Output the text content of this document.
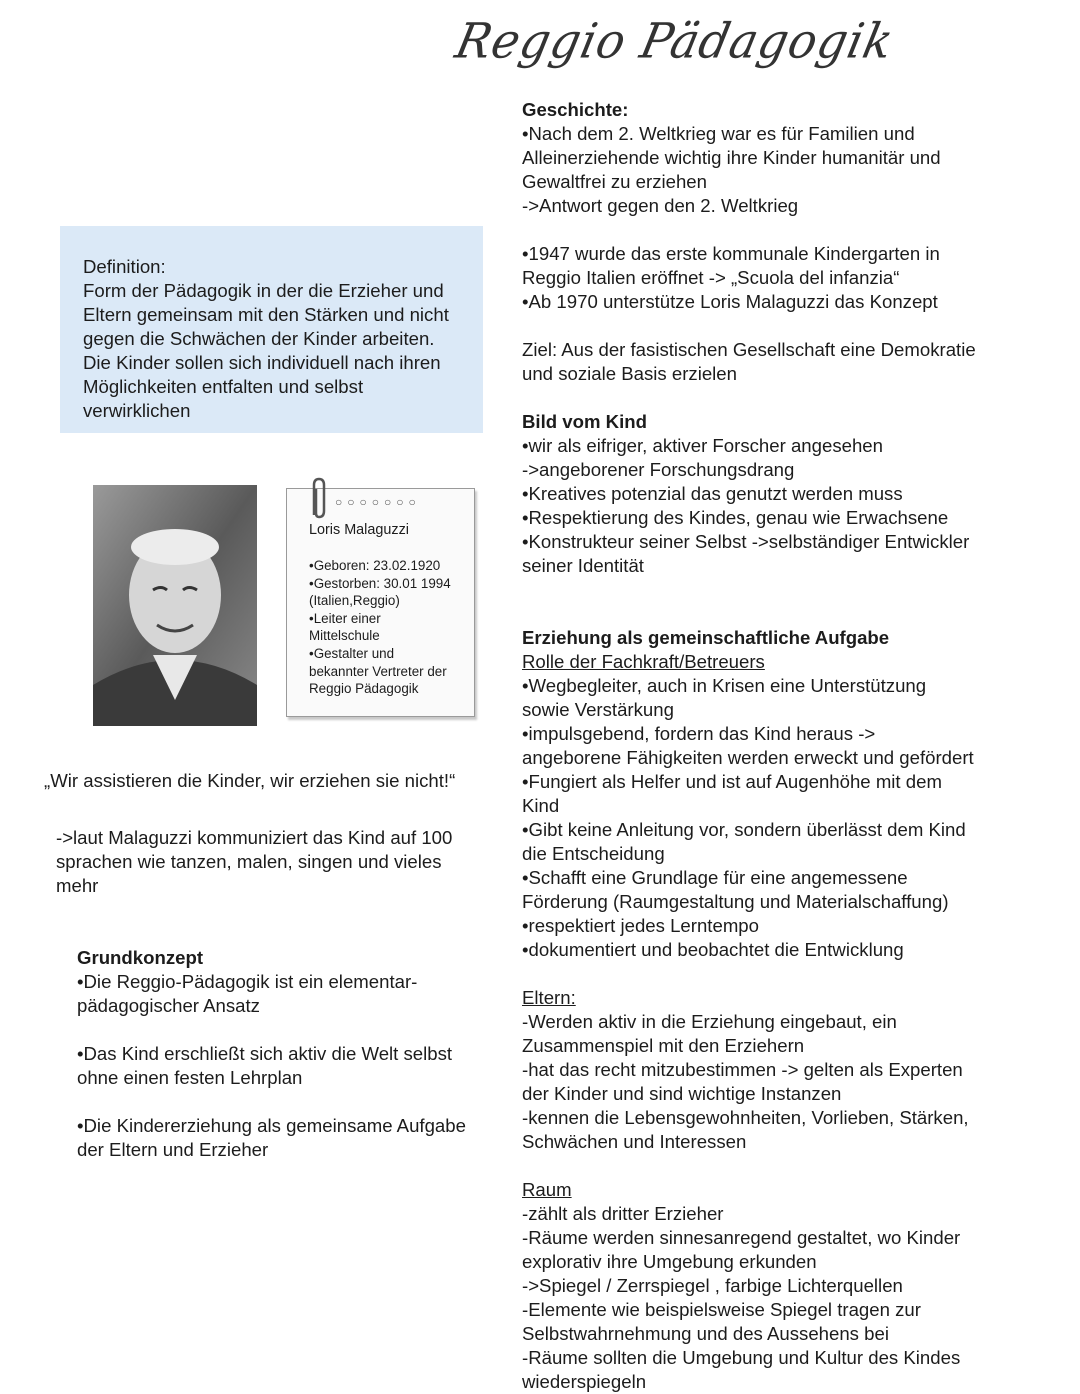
Reggio Pädagogik
Definition:
Form der Pädagogik in der die Erzieher und Eltern gemeinsam mit den Stärken und nicht gegen die Schwächen der Kinder arbeiten. Die Kinder sollen sich individuell nach ihren Möglichkeiten entfalten und selbst verwirklichen
○○○○○○○
Loris Malaguzzi
•Geboren: 23.02.1920
•Gestorben: 30.01 1994
(Italien,Reggio)
•Leiter einer
Mittelschule
•Gestalter und
bekannter Vertreter der
Reggio Pädagogik
„Wir assistieren die Kinder, wir erziehen sie nicht!“
->laut Malaguzzi kommuniziert das Kind auf 100 sprachen wie tanzen, malen, singen und vieles mehr
Grundkonzept
•Die Reggio-Pädagogik ist ein elementar-pädagogischer Ansatz
•Das Kind erschließt sich aktiv die Welt selbst ohne einen festen Lehrplan
•Die Kindererziehung als gemeinsame Aufgabe der Eltern und Erzieher
Geschichte:
•Nach dem 2. Weltkrieg war es für Familien und
Alleinerziehende wichtig ihre Kinder humanitär und
Gewaltfrei zu erziehen
->Antwort gegen den 2. Weltkrieg
•1947 wurde das erste kommunale Kindergarten in
Reggio Italien eröffnet -> „Scuola del infanzia“
•Ab 1970 unterstütze Loris Malaguzzi das Konzept
Ziel: Aus der fasistischen Gesellschaft eine Demokratie
und soziale Basis erzielen
Bild vom Kind
•wir als eifriger, aktiver Forscher angesehen
->angeborener Forschungsdrang
•Kreatives potenzial das genutzt werden muss
•Respektierung des Kindes, genau wie Erwachsene
•Konstrukteur seiner Selbst ->selbständiger Entwickler
seiner Identität
Erziehung als gemeinschaftliche Aufgabe
Rolle der Fachkraft/Betreuers
•Wegbegleiter, auch in Krisen eine Unterstützung
sowie Verstärkung
•impulsgebend, fordern das Kind heraus ->
angeborene Fähigkeiten werden erweckt und gefördert
•Fungiert als Helfer und ist auf Augenhöhe mit dem
Kind
•Gibt keine Anleitung vor, sondern überlässt dem Kind
die Entscheidung
•Schafft eine Grundlage für eine angemessene
Förderung (Raumgestaltung und Materialschaffung)
•respektiert jedes Lerntempo
•dokumentiert und beobachtet die Entwicklung
Eltern:
-Werden aktiv in die Erziehung eingebaut, ein
Zusammenspiel mit den Erziehern
-hat das recht mitzubestimmen -> gelten als Experten
der Kinder und sind wichtige Instanzen
-kennen die Lebensgewohnheiten, Vorlieben, Stärken,
Schwächen und Interessen
Raum
-zählt als dritter Erzieher
-Räume werden sinnesanregend gestaltet, wo Kinder
explorativ ihre Umgebung erkunden
->Spiegel / Zerrspiegel , farbige Lichterquellen
-Elemente wie beispielsweise Spiegel tragen zur
Selbstwahrnehmung und des Aussehens bei
-Räume sollten die Umgebung und Kultur des Kindes
wiederspiegeln
